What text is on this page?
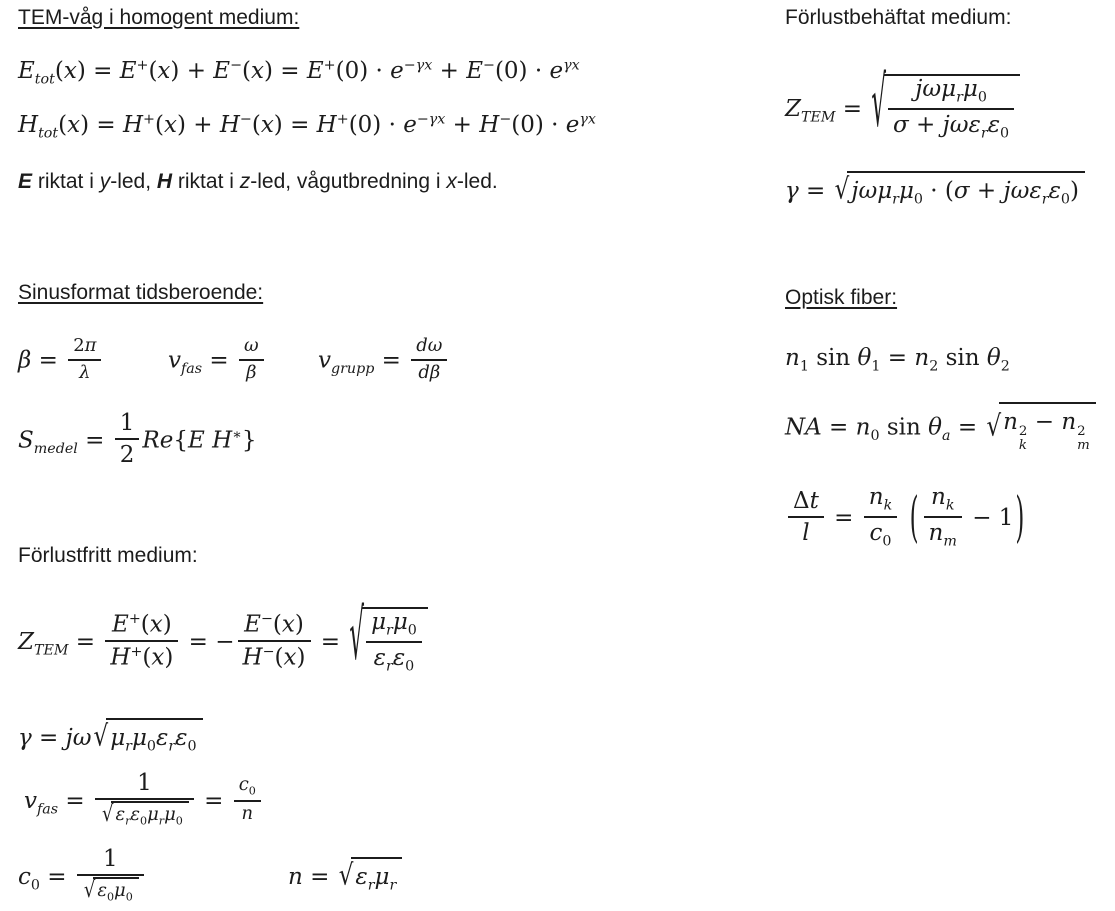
TEM-våg i homogent medium:
$E_{tot}(x) = E^+(x) + E^-(x) = E^+(0) \cdot e^{-\gamma x} + E^-(0) \cdot e^{\gamma x}$
$H_{tot}(x) = H^+(x) + H^-(x) = H^+(0) \cdot e^{-\gamma x} + H^-(0) \cdot e^{\gamma x}$
E riktat i y-led, H riktat i z-led, vågutbredning i x-led.
Sinusformat tidsberoende:
$\beta = \frac{2\pi}{\lambda}$	$v_{fas} = \frac{\omega}{\beta} v_{grupp} = \frac{d\omega}{d\beta}$
$S_{medel} = \frac{1}{2} Re\{E$ H∗}
Förlustfritt medium:
$Z_{TEM} = \frac{E^+(x)}{H^+(x)}$ = − $\frac{E^-(x)}{H^-(x)}$ = √ $\mu_r\mu_0$
$\varepsilon_r\varepsilon_0$
γ = jω √ $\mu_r\mu_0\varepsilon_r\varepsilon_0$
$v_{fas}$ =
1
√ $\varepsilon_r\varepsilon_0\mu_r\mu_0$
= $\frac{c_0}{n}$
$c_0$ =
1
√ $\varepsilon_0\mu_0$
n = √ $\varepsilon_r\mu_r$
Förlustbehäftat medium:
$Z_{TEM}$ = √	$j\omega\mu_r\mu_0$
$\sigma + j\omega\varepsilon_r\varepsilon_0$
γ = √ $j\omega\mu_r\mu_0 \cdot (\sigma + j\omega\varepsilon_r\varepsilon_0)$
Optisk fiber:
$n_1$ $\sin \theta_1 = n_2$ $\sin \theta_2$
NA = $n_0$ $\sin \theta_a$ = √ n 2
k
− n 2
m
$\frac{\Delta t}{l} = \frac{n_k}{c_0}$ ( $\frac{n_k}{n_m} - 1$)
